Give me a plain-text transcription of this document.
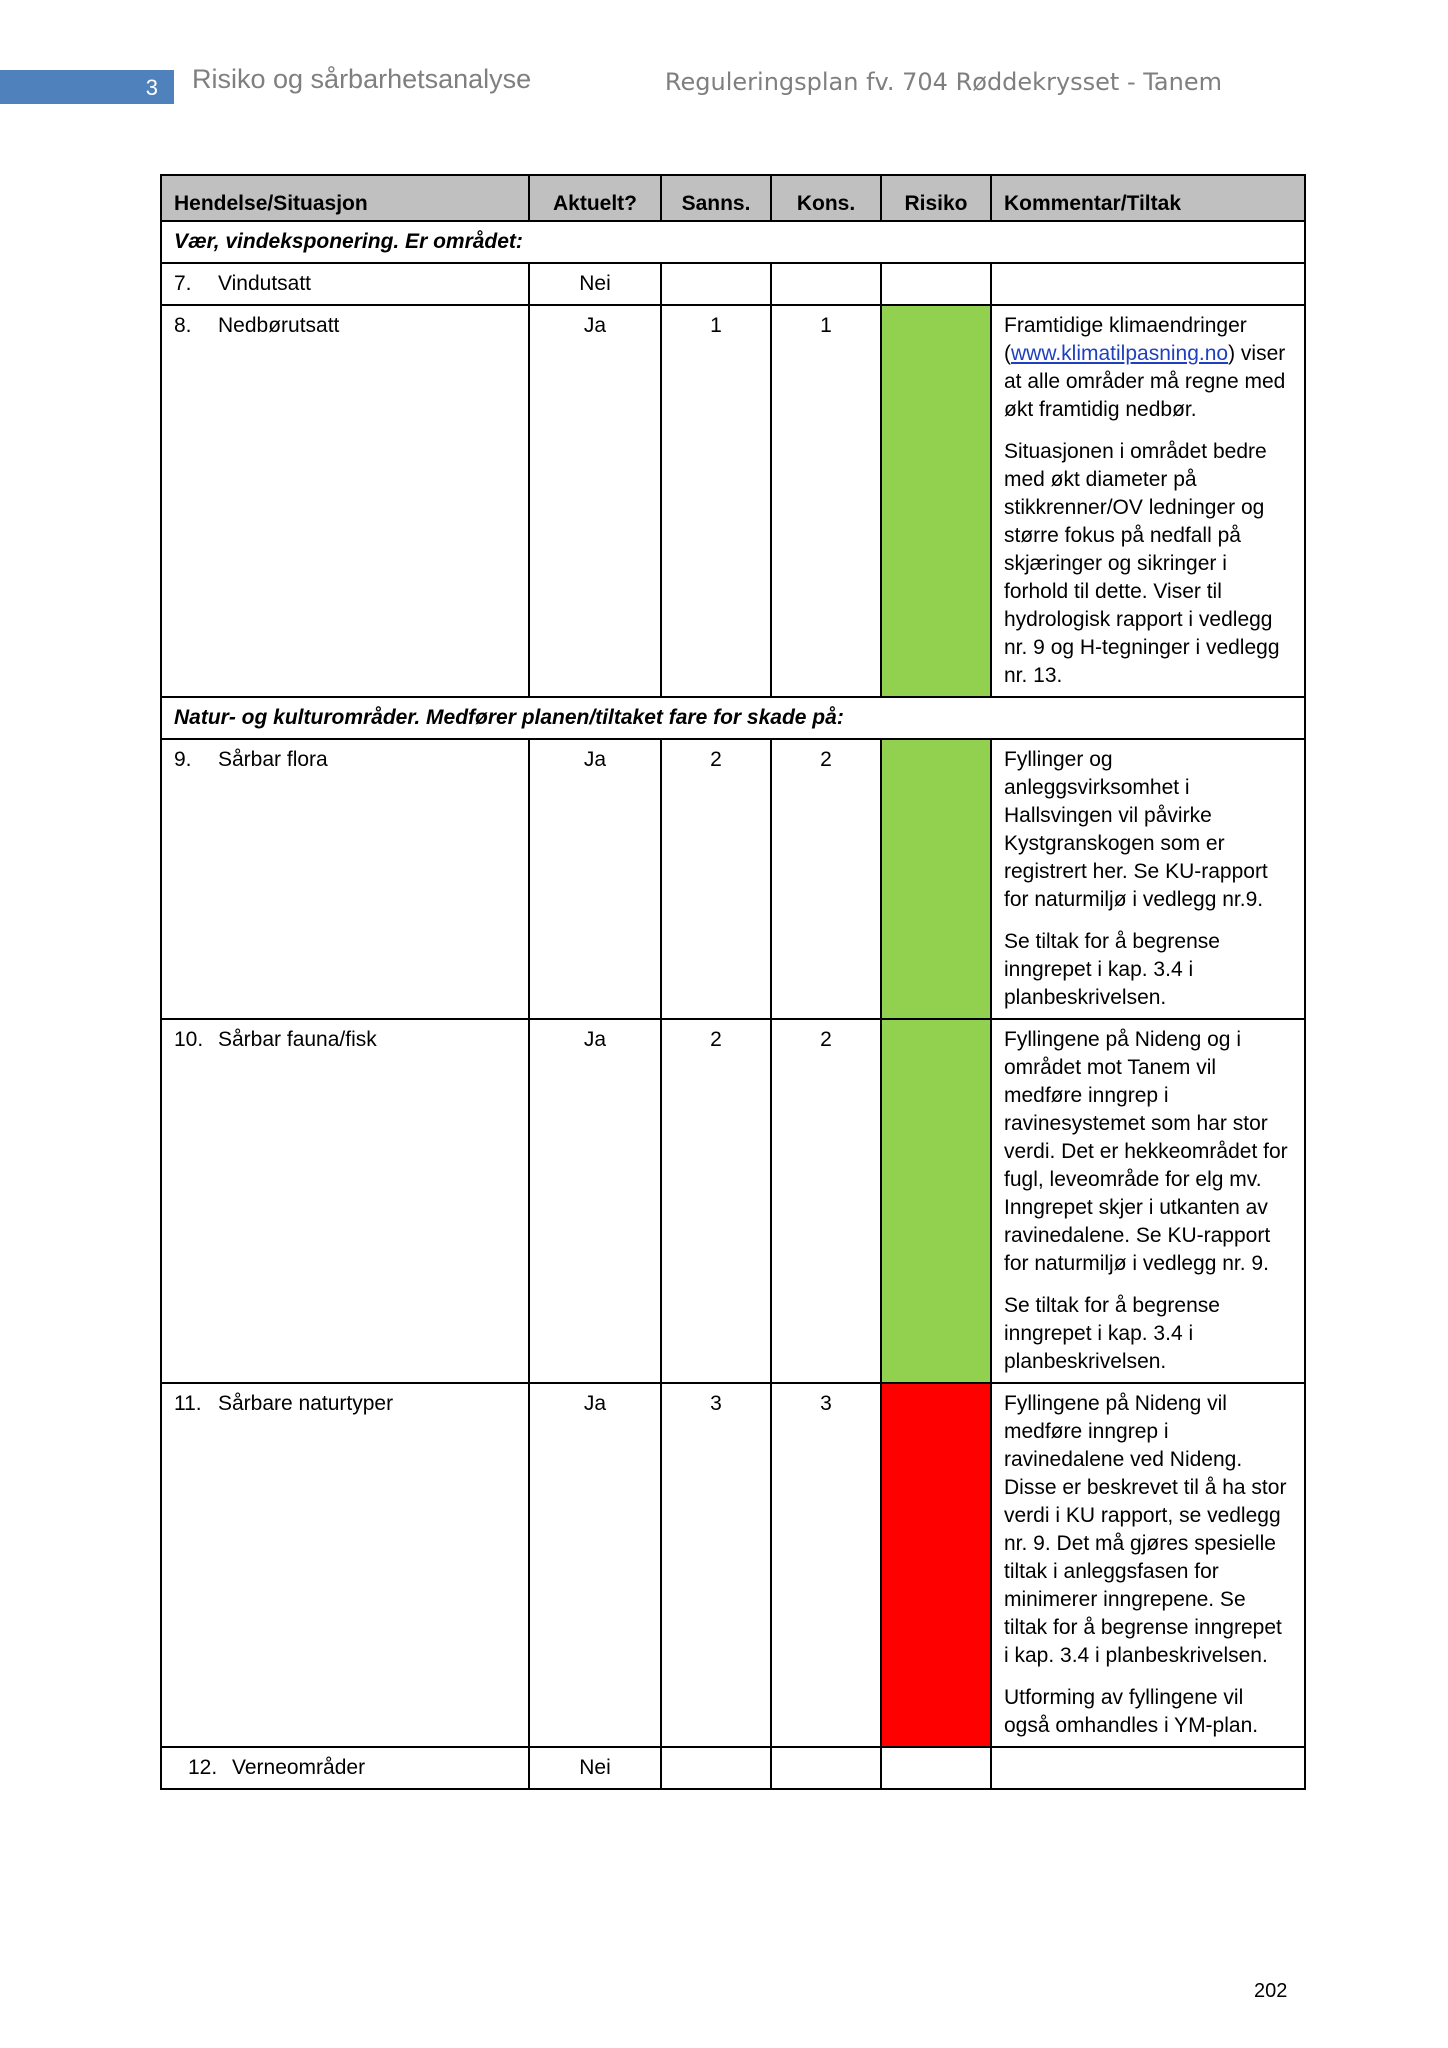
3	Risiko og sårbarhetsanalyse	Reguleringsplan fv. 704 Røddekrysset - Tanem
Hendelse/Situasjon	Aktuelt?	Sanns.	Kons.	Risiko	Kommentar/Tiltak
Vær, vindeksponering. Er området:					
7. Vindutsatt	Nei				
8. Nedbørutsatt	Ja	1	1		Framtidige klimaendringer (www.klimatilpasning.no) viser at alle områder må regne med økt framtidig nedbør.

Situasjonen i området bedre med økt diameter på stikkrenner/OV ledninger og større fokus på nedfall på skjæringer og sikringer i forhold til dette. Viser til hydrologisk rapport i vedlegg nr. 9 og H-tegninger i vedlegg nr. 13.

Natur- og kulturområder. Medfører planen/tiltaket fare for skade på:					
9. Sårbar flora	Ja	2	2		Fyllinger og anleggsvirksomhet i Hallsvingen vil påvirke Kystgranskogen som er registrert her. Se KU-rapport for naturmiljø i vedlegg nr.9.

Se tiltak for å begrense inngrepet i kap. 3.4 i planbeskrivelsen.

10. Sårbar fauna/fisk	Ja	2	2		Fyllingene på Nideng og i området mot Tanem vil medføre inngrep i ravinesystemet som har stor verdi. Det er hekkeområdet for fugl, leveområde for elg mv. Inngrepet skjer i utkanten av ravinedalene. Se KU-rapport for naturmiljø i vedlegg nr. 9.

Se tiltak for å begrense inngrepet i kap. 3.4 i planbeskrivelsen.

11. Sårbare naturtyper	Ja	3	3		Fyllingene på Nideng vil medføre inngrep i ravinedalene ved Nideng. Disse er beskrevet til å ha stor verdi i KU rapport, se vedlegg nr. 9. Det må gjøres spesielle tiltak i anleggsfasen for minimerer inngrepene. Se tiltak for å begrense inngrepet i kap. 3.4 i planbeskrivelsen.

Utforming av fyllingene vil også omhandles i YM-plan.

12. Verneområder	Nei				
202
